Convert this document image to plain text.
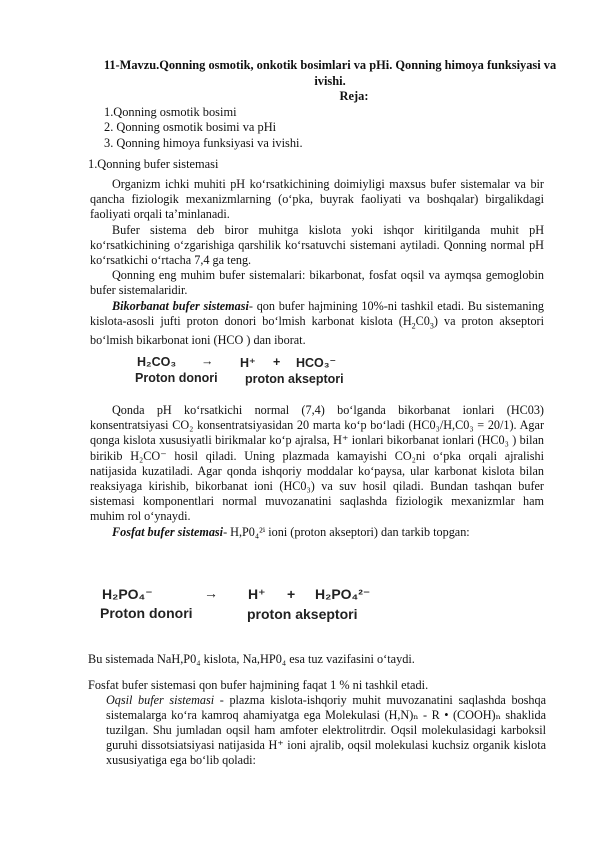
11-Mavzu.Qonning osmotik, onkotik bosimlari va pHi. Qonning himoya funksiyasi va ivishi.
Reja:
1.Qonning osmotik bosimi
2. Qonning osmotik bosimi va pHi
3. Qonning himoya funksiyasi va ivishi.
1.Qonning bufer sistemasi

Organizm ichki muhiti pH ko‘rsatkichining doimiyligi maxsus bufer sistemalar va bir qancha fiziologik mexanizmlarning (o‘pka, buyrak faoliyati va boshqalar) birgalikdagi faoliyati orqali ta’minlanadi.

Bufer sistema deb biror muhitga kislota yoki ishqor kiritilganda muhit pH ko‘rsatkichining o‘zgarishiga qarshilik ko‘rsatuvchi sistemani aytiladi. Qonning normal pH ko‘rsatkichi o‘rtacha 7,4 ga teng.

Qonning eng muhim bufer sistemalari: bikarbonat, fosfat oqsil va aymqsa gemoglobin bufer sistemalaridir.

Bikorbanat bufer sistemasi- qon bufer hajmining 10%-ni tashkil etadi. Bu sistemaning kislota-asosli jufti proton donori bo‘lmish karbonat kislota $(H_2C0_3)$ va proton akseptori bo‘lmish bikarbonat ioni (HCO ) dan iborat.

H₂CO₃ → H⁺ + HCO₃⁻
Proton donori proton akseptori

Qonda pH ko‘rsatkichi normal (7,4) bo‘lganda bikorbanat ionlari (HC03) konsentratsiyasi CO₂ konsentratsiyasidan 20 marta ko‘p bo‘ladi (HC0₃/H,C0₃ = 20/1). Agar qonga kislota xususiyatli birikmalar ko‘p ajralsa, H⁺ ionlari bikorbanat ionlari (HC0₃ ) bilan birikib H₂CO⁻ hosil qiladi. Uning plazmada kamayishi CO₂ni o‘pka orqali ajralishi natijasida kuzatiladi. Agar qonda ishqoriy moddalar ko‘paysa, ular karbonat kislota bilan reaksiyaga kirishib, bikorbanat ioni (HC0₃) va suv hosil qiladi. Bundan tashqan bufer sistemasi komponentlari normal muvozanatini saqlashda fiziologik mexanizmlar ham muhim rol o‘ynaydi.

Fosfat bufer sistemasi- H,P0₄²ⁱ ioni (proton akseptori) dan tarkib topgan:

H₂PO₄⁻	→ H⁺ + H₂PO₄²⁻
Proton donori	proton akseptori
Bu sistemada NaH,P0₄ kislota, Na,HP0₄ esa tuz vazifasini o‘taydi.
Fosfat bufer sistemasi qon bufer hajmining faqat 1 % ni tashkil etadi.

Oqsil bufer sistemasi - plazma kislota-ishqoriy muhit muvozanatini saqlashda boshqa sistemalarga ko‘ra kamroq ahamiyatga ega Molekulasi (H,N)ₙ - R • (COOH)ₙ shaklida tuzilgan. Shu jumladan oqsil ham amfoter elektrolitrdir. Oqsil molekulasidagi karboksil guruhi dissotsiatsiyasi natijasida H⁺ ioni ajralib, oqsil molekulasi kuchsiz organik kislota xususiyatiga ega bo‘lib qoladi:
